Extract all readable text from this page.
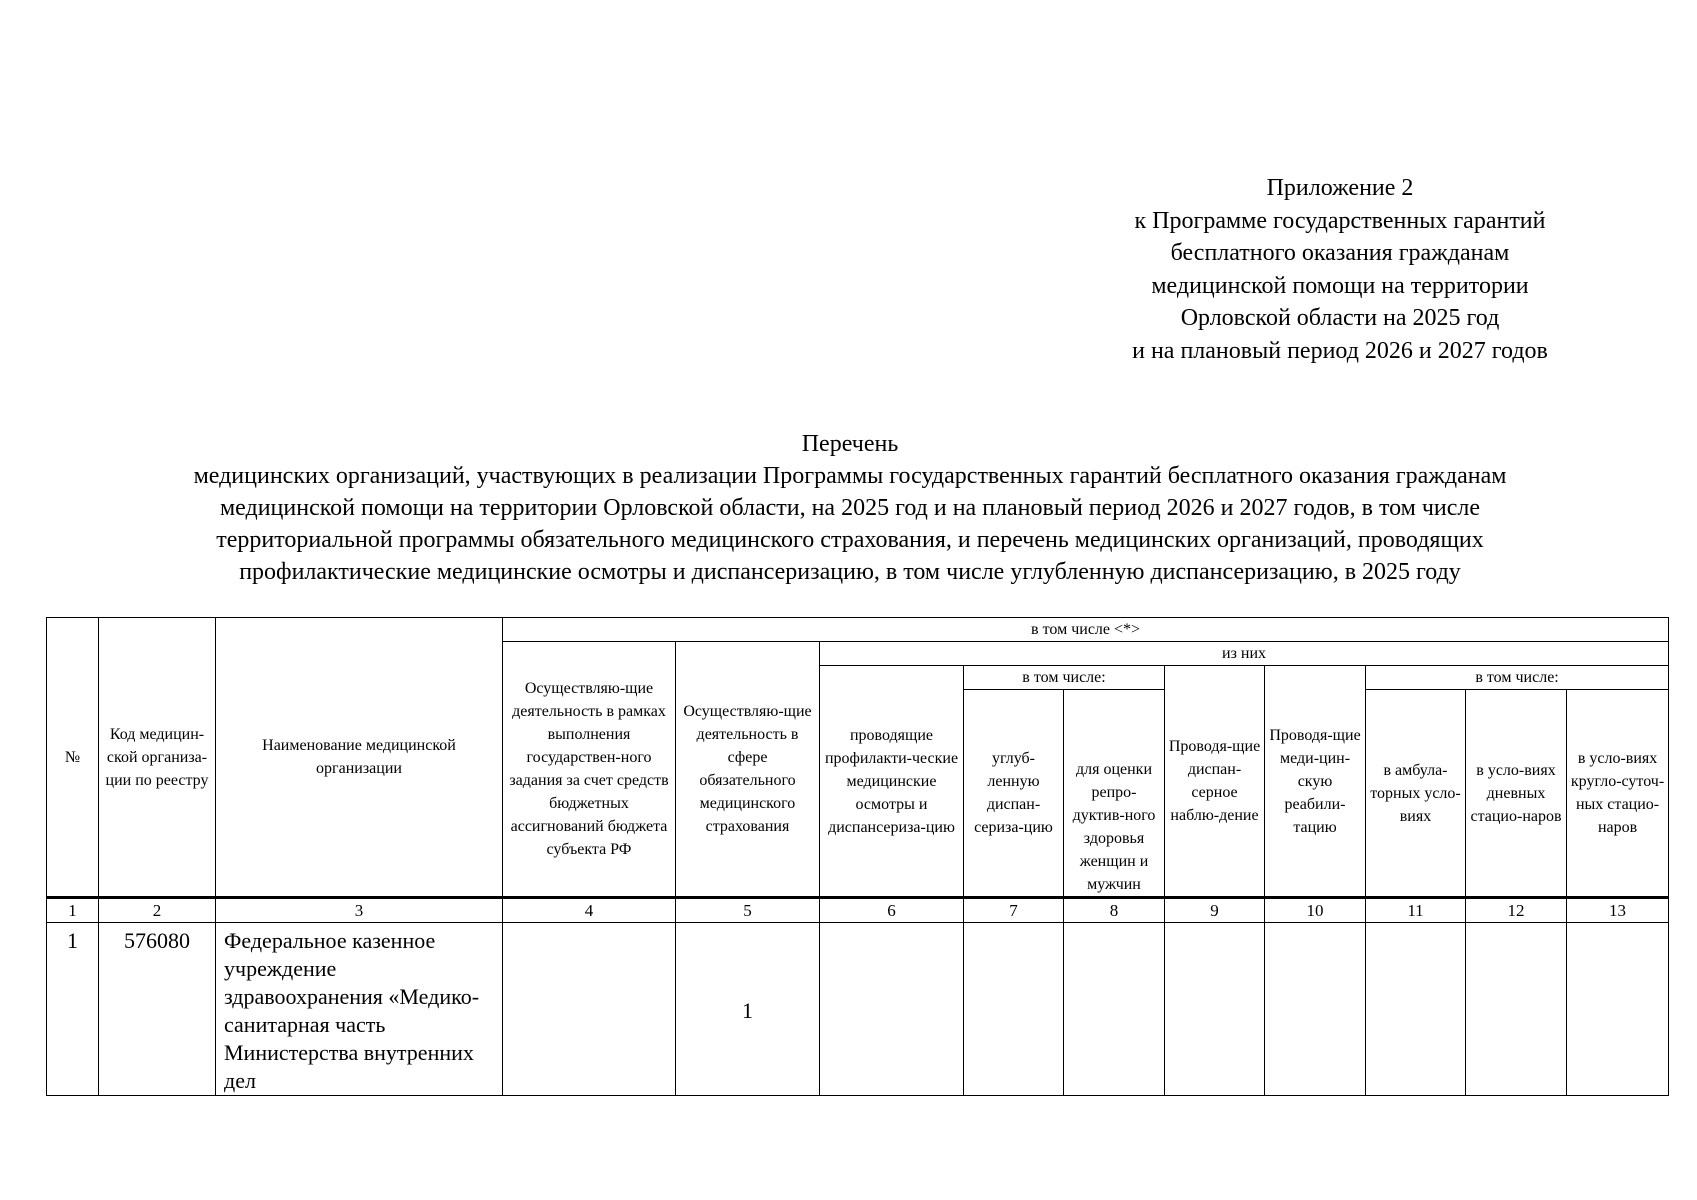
Приложение 2
к Программе государственных гарантий
бесплатного оказания гражданам
медицинской помощи на территории
Орловской области на 2025 год
и на плановый период 2026 и 2027 годов
Перечень
медицинских организаций, участвующих в реализации Программы государственных гарантий бесплатного оказания гражданам
медицинской помощи на территории Орловской области, на 2025 год и на плановый период 2026 и 2027 годов, в том числе
территориальной программы обязательного медицинского страхования, и перечень медицинских организаций, проводящих
профилактические медицинские осмотры и диспансеризацию, в том числе углубленную диспансеризацию, в 2025 году
№	Код медицин-ской организа-ции по реестру	Наименование медицинской организации	в том числе <*>									
			Осуществляю-щие деятельность в рамках выполнения государствен-ного задания за счет средств бюджетных ассигнований бюджета субъекта РФ	Осуществляю-щие деятельность в сфере обязательного медицинского страхования	из них							
					проводящие профилакти-ческие медицинские осмотры и диспансериза-цию	в том числе:		Проводя-щие диспан-серное наблю-дение	Проводя-щие меди-цин-скую реабили-тацию	в том числе:		
						углуб-ленную диспан-сериза-цию	для оценки репро-дуктив-ного здоровья женщин и мужчин					
										в амбула-торных усло-виях	в усло-виях дневных стацио-наров	в усло-виях кругло-суточ-ных стацио-наров
1	2	3	4	5	6	7	8	9	10	11	12	13
1	576080	Федеральное казенное учреждение здравоохранения «Медико-санитарная часть Министерства внутренних дел		1								
